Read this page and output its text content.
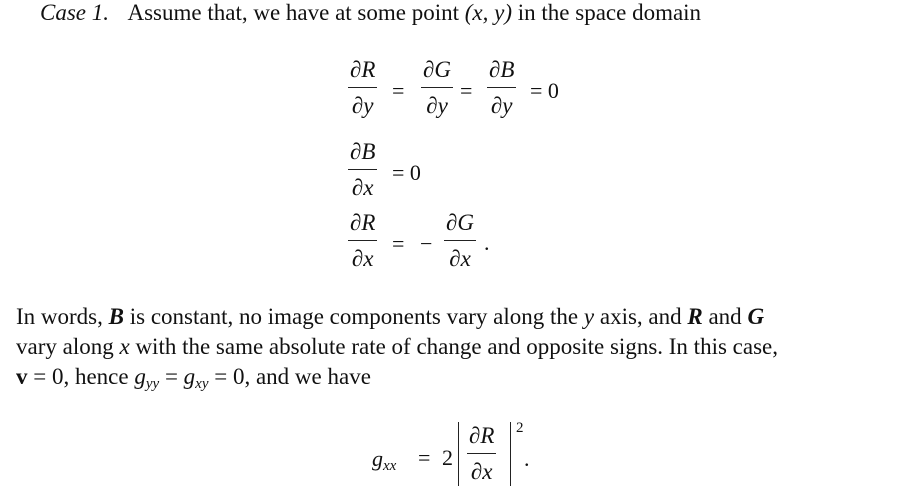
Case 1. Assume that, we have at some point (x, y) in the space domain
∂R
∂y
=
∂G
∂y
=
∂B
∂y
= 0
∂B
∂x
= 0
∂R
∂x
= −
∂G
∂x
.
In words, B is constant, no image components vary along the y axis, and R and G
vary along x with the same absolute rate of change and opposite signs. In this case,
v = 0, hence $g_{yy} = g_{xy} = 0$, and we have
$g_{xx} = 2$
∂R
∂x
2
.
